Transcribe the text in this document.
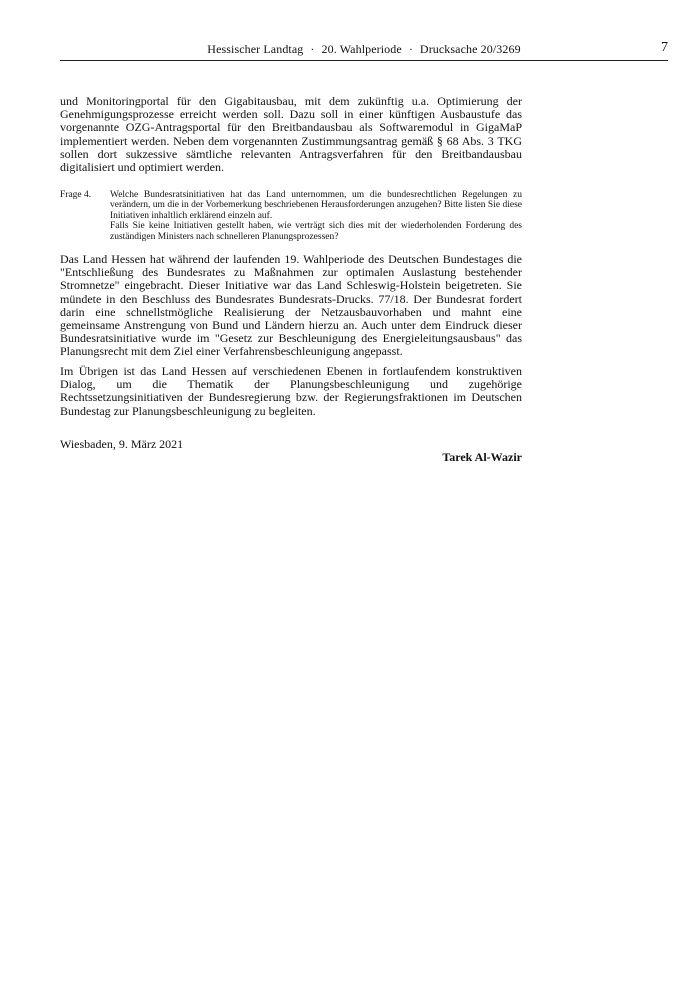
Hessischer Landtag · 20. Wahlperiode · Drucksache 20/3269	7

und Monitoringportal für den Gigabitausbau, mit dem zukünftig u.a. Optimierung der Genehmigungsprozesse erreicht werden soll. Dazu soll in einer künftigen Ausbaustufe das vorgenannte OZG-Antragsportal für den Breitbandausbau als Softwaremodul in GigaMaP implementiert werden. Neben dem vorgenannten Zustimmungsantrag gemäß § 68 Abs. 3 TKG sollen dort sukzessive sämtliche relevanten Antragsverfahren für den Breitbandausbau digitalisiert und optimiert werden.

Frage 4. Welche Bundesratsinitiativen hat das Land unternommen, um die bundesrechtlichen Regelungen zu verändern, um die in der Vorbemerkung beschriebenen Herausforderungen anzugehen? Bitte listen Sie diese Initiativen inhaltlich erklärend einzeln auf.
Falls Sie keine Initiativen gestellt haben, wie verträgt sich dies mit der wiederholenden Forderung des zuständigen Ministers nach schnelleren Planungsprozessen?

Das Land Hessen hat während der laufenden 19. Wahlperiode des Deutschen Bundestages die "Entschließung des Bundesrates zu Maßnahmen zur optimalen Auslastung bestehender Stromnetze" eingebracht. Dieser Initiative war das Land Schleswig-Holstein beigetreten. Sie mündete in den Beschluss des Bundesrates Bundesrats-Drucks. 77/18. Der Bundesrat fordert darin eine schnellstmögliche Realisierung der Netzausbauvorhaben und mahnt eine gemeinsame Anstrengung von Bund und Ländern hierzu an. Auch unter dem Eindruck dieser Bundesratsinitiative wurde im "Gesetz zur Beschleunigung des Energieleitungsausbaus" das Planungsrecht mit dem Ziel einer Verfahrensbeschleunigung angepasst.

Im Übrigen ist das Land Hessen auf verschiedenen Ebenen in fortlaufendem konstruktiven Dialog, um die Thematik der Planungsbeschleunigung und zugehörige Rechtssetzungsinitiativen der Bundesregierung bzw. der Regierungsfraktionen im Deutschen Bundestag zur Planungsbeschleunigung zu begleiten.

Wiesbaden, 9. März 2021
Tarek Al-Wazir
